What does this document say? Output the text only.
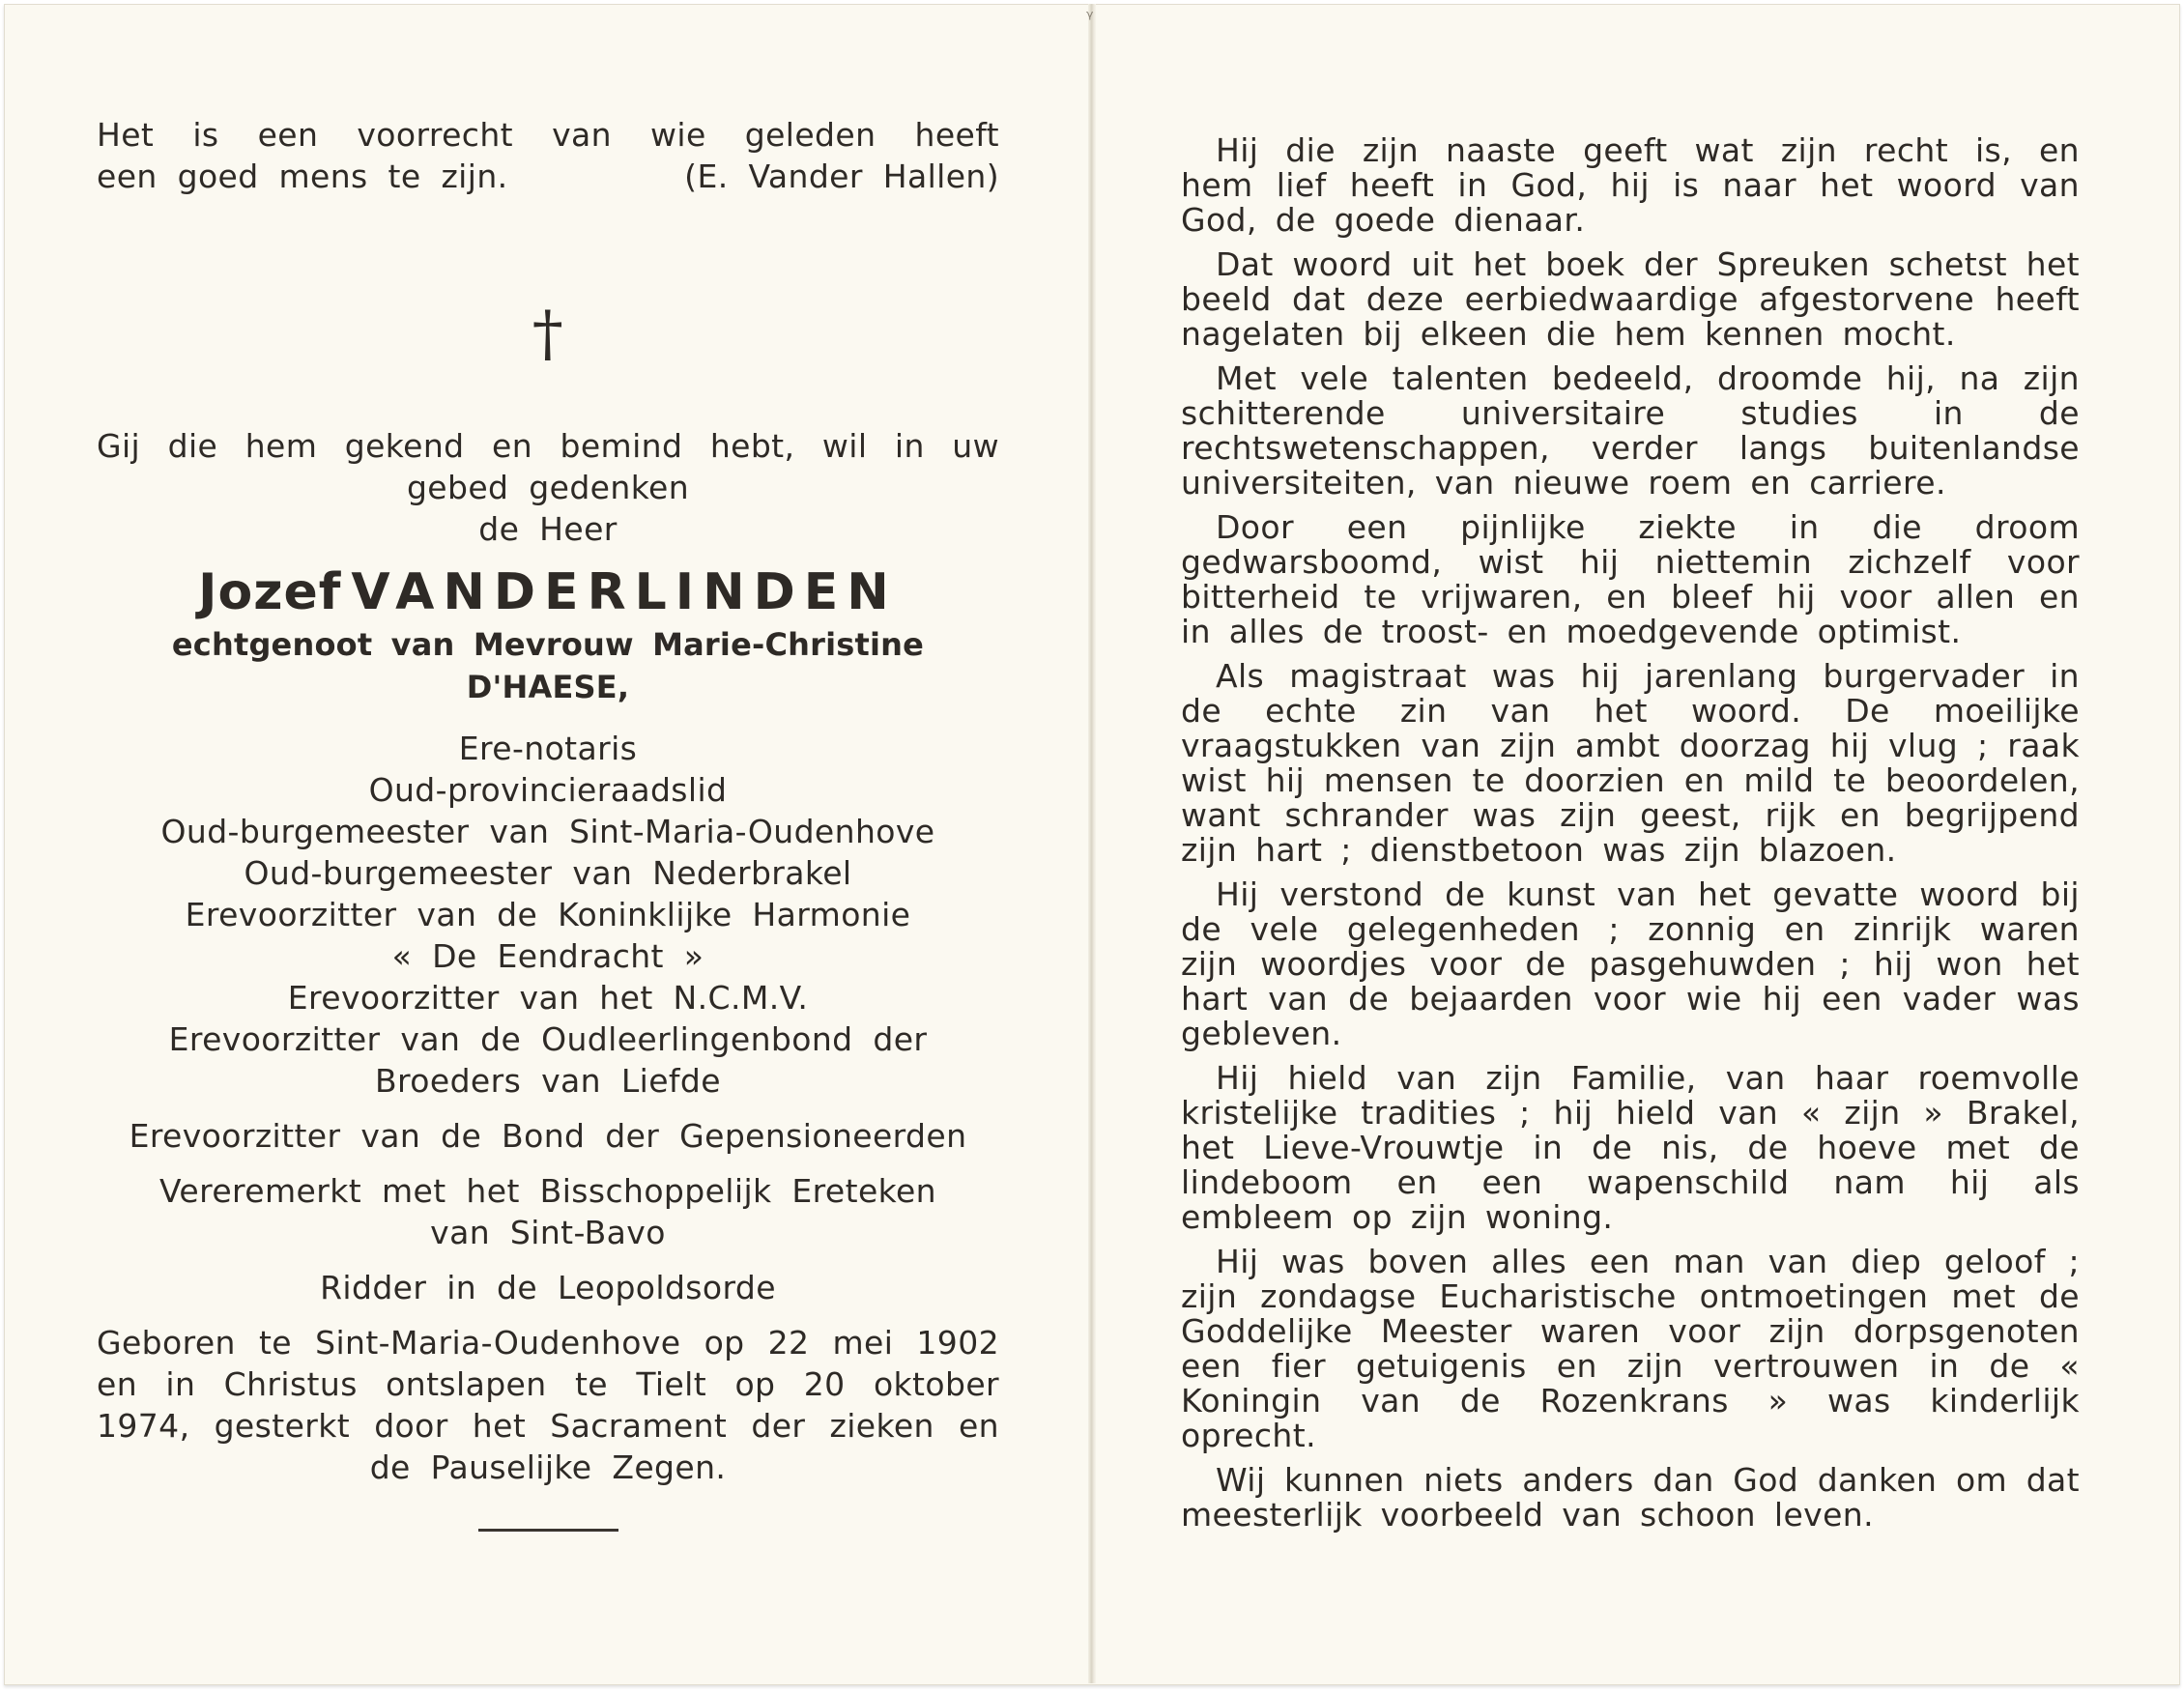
ᵞ
Het is een voorrecht van wie geleden heeft
een goed mens te zijn.	(E. Vander Hallen)
†
Gij die hem gekend en bemind hebt, wil in uw
gebed gedenken
de Heer
Jozef VANDERLINDEN
echtgenoot van Mevrouw Marie-Christine D'HAESE,
Ere-notaris
Oud-provincieraadslid
Oud-burgemeester van Sint-Maria-Oudenhove
Oud-burgemeester van Nederbrakel
Erevoorzitter van de Koninklijke Harmonie
« De Eendracht »
Erevoorzitter van het N.C.M.V.
Erevoorzitter van de Oudleerlingenbond der
Broeders van Liefde
Erevoorzitter van de Bond der Gepensioneerden
Vereremerkt met het Bisschoppelijk Ereteken
van Sint-Bavo
Ridder in de Leopoldsorde
Geboren te Sint-Maria-Oudenhove op 22 mei 1902
en in Christus ontslapen te Tielt op 20 oktober
1974, gesterkt door het Sacrament der zieken en
de Pauselijke Zegen.

Hij die zijn naaste geeft wat zijn recht is, en hem lief heeft in God, hij is naar het woord van God, de goede dienaar.

Dat woord uit het boek der Spreuken schetst het beeld dat deze eerbiedwaardige afgestorvene heeft nagelaten bij elkeen die hem kennen mocht.

Met vele talenten bedeeld, droomde hij, na zijn schitterende universitaire studies in de rechtswetenschappen, verder langs buitenlandse universiteiten, van nieuwe roem en carriere.

Door een pijnlijke ziekte in die droom gedwarsboomd, wist hij niettemin zichzelf voor bitterheid te vrijwaren, en bleef hij voor allen en in alles de troost- en moedgevende optimist.

Als magistraat was hij jarenlang burgervader in de echte zin van het woord. De moeilijke vraagstukken van zijn ambt doorzag hij vlug ; raak wist hij mensen te doorzien en mild te beoordelen, want schrander was zijn geest, rijk en begrijpend zijn hart ; dienstbetoon was zijn blazoen.

Hij verstond de kunst van het gevatte woord bij de vele gelegenheden ; zonnig en zinrijk waren zijn woordjes voor de pasgehuwden ; hij won het hart van de bejaarden voor wie hij een vader was gebleven.

Hij hield van zijn Familie, van haar roemvolle kristelijke tradities ; hij hield van « zijn » Brakel, het Lieve-Vrouwtje in de nis, de hoeve met de lindeboom en een wapenschild nam hij als embleem op zijn woning.

Hij was boven alles een man van diep geloof ; zijn zondagse Eucharistische ontmoetingen met de Goddelijke Meester waren voor zijn dorpsgenoten een fier getuigenis en zijn vertrouwen in de « Koningin van de Rozenkrans » was kinderlijk oprecht.

Wij kunnen niets anders dan God danken om dat meesterlijk voorbeeld van schoon leven.
